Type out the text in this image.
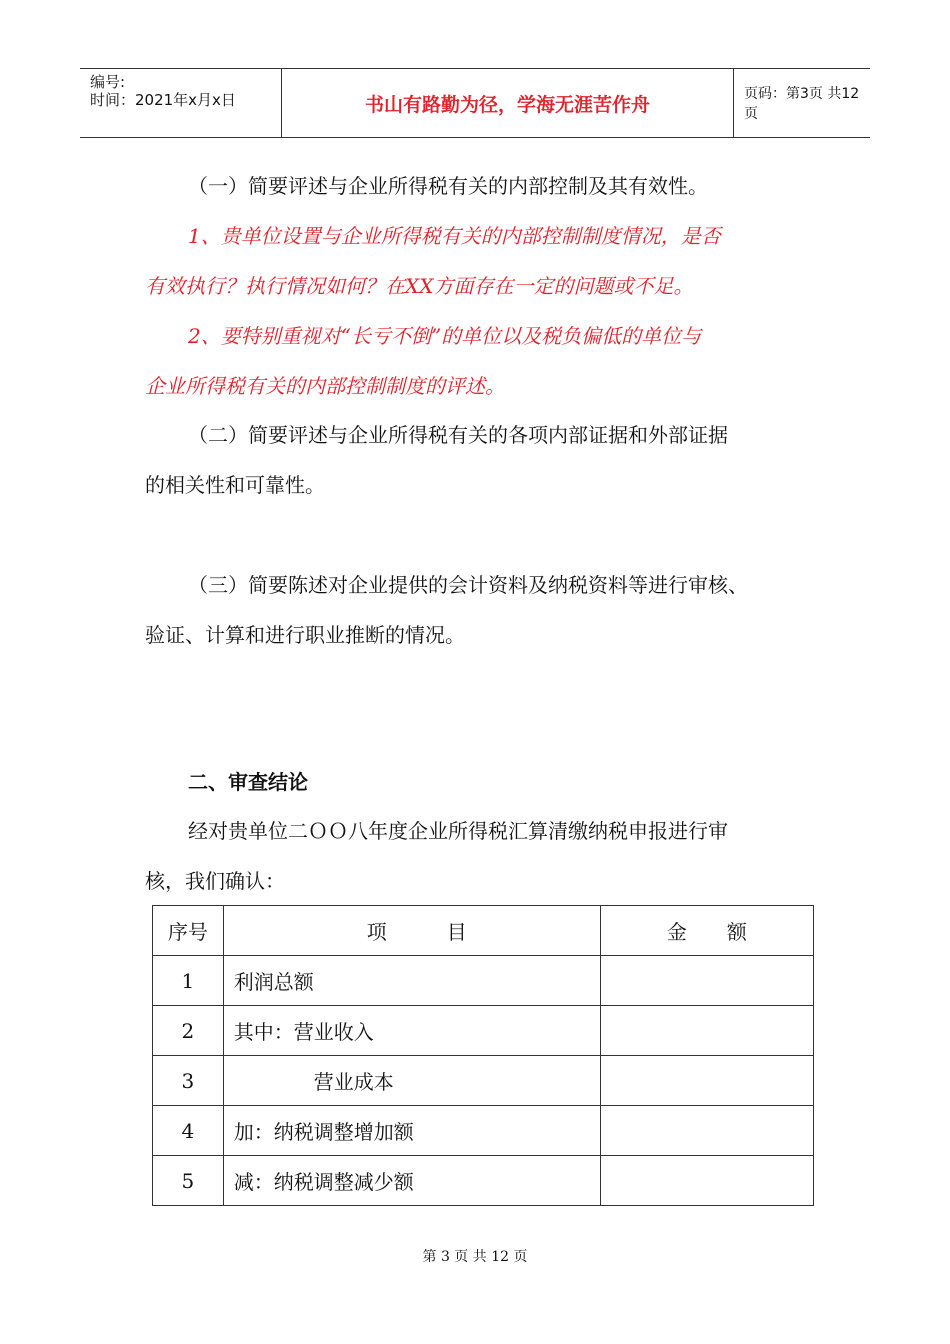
编号:
时间：2021年x月x日	书山有路勤为径，学海无涯苦作舟	页码：第3页 共12页
（一）简要评述与企业所得税有关的内部控制及其有效性。
1、贵单位设置与企业所得税有关的内部控制制度情况，是否
有效执行？执行情况如何？在XX方面存在一定的问题或不足。
2、要特别重视对“长亏不倒”的单位以及税负偏低的单位与
企业所得税有关的内部控制制度的评述。
（二）简要评述与企业所得税有关的各项内部证据和外部证据
的相关性和可靠性。
（三）简要陈述对企业提供的会计资料及纳税资料等进行审核、
验证、计算和进行职业推断的情况。
二、审查结论
经对贵单位二ＯＯ八年度企业所得税汇算清缴纳税申报进行审
核，我们确认：
序号	项　　　目	金　　额
1	利润总额	
2	其中：营业收入	
3	　　　　营业成本	
4	加：纳税调整增加额	
5	减：纳税调整减少额	
第 3 页 共 12 页
